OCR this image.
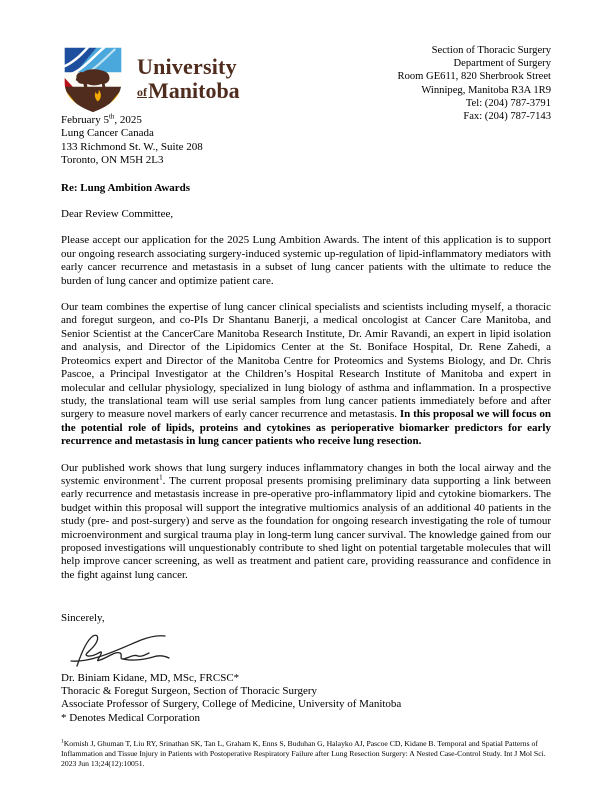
University
ofManitoba
Section of Thoracic Surgery
Department of Surgery
Room GE611, 820 Sherbrook Street
Winnipeg, Manitoba R3A 1R9
Tel: (204) 787-3791
Fax: (204) 787-7143
February 5th, 2025
Lung Cancer Canada
133 Richmond St. W., Suite 208
Toronto, ON M5H 2L3

Re: Lung Ambition Awards

Dear Review Committee,

Please accept our application for the 2025 Lung Ambition Awards. The intent of this application is to support our ongoing research associating surgery-induced systemic up-regulation of lipid-inflammatory mediators with early cancer recurrence and metastasis in a subset of lung cancer patients with the ultimate to reduce the burden of lung cancer and optimize patient care.

Our team combines the expertise of lung cancer clinical specialists and scientists including myself, a thoracic and foregut surgeon, and co-PIs Dr Shantanu Banerji, a medical oncologist at Cancer Care Manitoba, and Senior Scientist at the CancerCare Manitoba Research Institute, Dr. Amir Ravandi, an expert in lipid isolation and analysis, and Director of the Lipidomics Center at the St. Boniface Hospital, Dr. Rene Zahedi, a Proteomics expert and Director of the Manitoba Centre for Proteomics and Systems Biology, and Dr. Chris Pascoe, a Principal Investigator at the Children’s Hospital Research Institute of Manitoba and expert in molecular and cellular physiology, specialized in lung biology of asthma and inflammation. In a prospective study, the translational team will use serial samples from lung cancer patients immediately before and after surgery to measure novel markers of early cancer recurrence and metastasis. In this proposal we will focus on the potential role of lipids, proteins and cytokines as perioperative biomarker predictors for early recurrence and metastasis in lung cancer patients who receive lung resection.

Our published work shows that lung surgery induces inflammatory changes in both the local airway and the systemic environment$^1$. The current proposal presents promising preliminary data supporting a link between early recurrence and metastasis increase in pre-operative pro-inflammatory lipid and cytokine biomarkers. The budget within this proposal will support the integrative multiomics analysis of an additional 40 patients in the study (pre- and post-surgery) and serve as the foundation for ongoing research investigating the role of tumour microenvironment and surgical trauma play in long-term lung cancer survival. The knowledge gained from our proposed investigations will unquestionably contribute to shed light on potential targetable molecules that will help improve cancer screening, as well as treatment and patient care, providing reassurance and confidence in the fight against lung cancer.

Sincerely,

Dr. Biniam Kidane, MD, MSc, FRCSC*
Thoracic & Foregut Surgeon, Section of Thoracic Surgery
Associate Professor of Surgery, College of Medicine, University of Manitoba
* Denotes Medical Corporation
$^1$Kornish J, Ghuman T, Liu RY, Srinathan SK, Tan L, Graham K, Enns S, Buduhan G, Halayko AJ, Pascoe CD, Kidane B. Temporal and Spatial Patterns of Inflammation and Tissue Injury in Patients with Postoperative Respiratory Failure after Lung Resection Surgery: A Nested Case-Control Study. Int J Mol Sci. 2023 Jun 13;24(12):10051.
